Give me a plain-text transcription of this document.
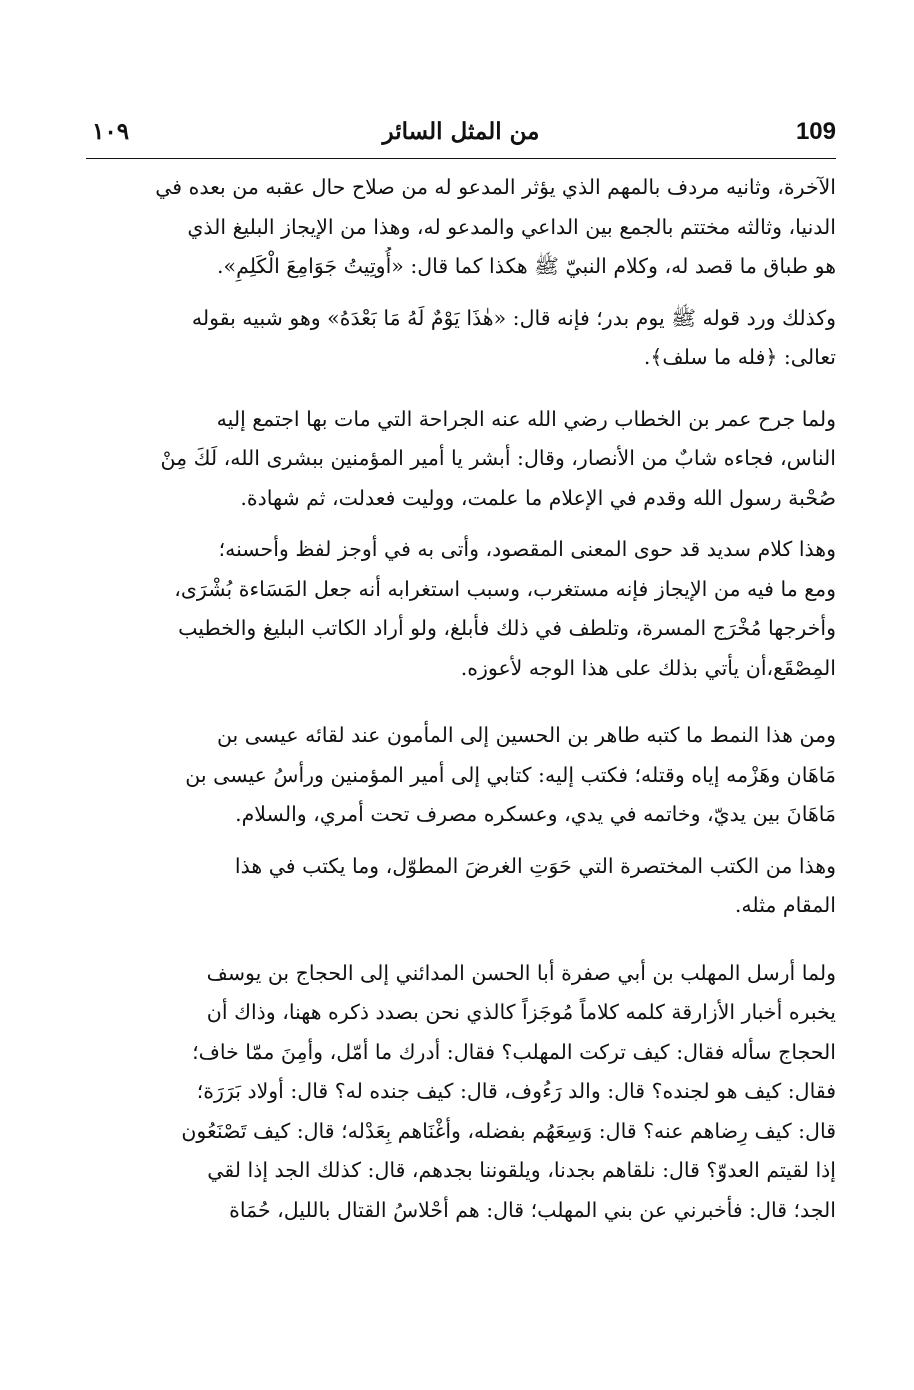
109
من المثل السائر
١٠٩

الآخرة، وثانيه مردف بالمهم الذي يؤثر المدعو له من صلاح حال عقبه من بعده في
الدنيا، وثالثه مختتم بالجمع بين الداعي والمدعو له، وهذا من الإيجاز البليغ الذي
هو طباق ما قصد له، وكلام النبيّ ﷺ هكذا كما قال: «أُوتِيتُ جَوَامِعَ الْكَلِمِ».

وكذلك ورد قوله ﷺ يوم بدر؛ فإنه قال: «هٰذَا يَوْمٌ لَهُ مَا بَعْدَهُ» وهو شبيه بقوله
تعالى: ﴿فله ما سلف﴾.

ولما جرح عمر بن الخطاب رضي الله عنه الجراحة التي مات بها اجتمع إليه
الناس، فجاءه شابٌ من الأنصار، وقال: أبشر يا أمير المؤمنين ببشرى الله، لَكَ مِنْ
صُحْبة رسول الله وقدم في الإعلام ما علمت، ووليت فعدلت، ثم شهادة.

وهذا كلام سديد قد حوى المعنى المقصود، وأتى به في أوجز لفظ وأحسنه؛
ومع ما فيه من الإيجاز فإنه مستغرب، وسبب استغرابه أنه جعل المَسَاءة بُشْرَى،
وأخرجها مُخْرَج المسرة، وتلطف في ذلك فأبلغ، ولو أراد الكاتب البليغ والخطيب
المِصْقَع،أن يأتي بذلك على هذا الوجه لأعوزه.

ومن هذا النمط ما كتبه طاهر بن الحسين إلى المأمون عند لقائه عيسى بن
مَاهَان وهَزْمه إياه وقتله؛ فكتب إليه: كتابي إلى أمير المؤمنين ورأسُ عيسى بن
مَاهَانَ بين يديّ، وخاتمه في يدي، وعسكره مصرف تحت أمري، والسلام.

وهذا من الكتب المختصرة التي حَوَتِ الغرضَ المطوّل، وما يكتب في هذا
المقام مثله.

ولما أرسل المهلب بن أبي صفرة أبا الحسن المدائني إلى الحجاج بن يوسف
يخبره أخبار الأزارقة كلمه كلاماً مُوجَزاً كالذي نحن بصدد ذكره ههنا، وذاك أن
الحجاج سأله فقال: كيف تركت المهلب؟ فقال: أدرك ما أمّل، وأمِنَ ممّا خاف؛
فقال: كيف هو لجنده؟ قال: والد رَءُوف، قال: كيف جنده له؟ قال: أولاد بَرَرَة؛
قال: كيف رِضاهم عنه؟ قال: وَسِعَهُم بفضله، وأغْنَاهم بِعَدْله؛ قال: كيف تَصْنَعُون
إذا لقيتم العدوّ؟ قال: نلقاهم بجدنا، ويلقوننا بجدهم، قال: كذلك الجد إذا لقي
الجد؛ قال: فأخبرني عن بني المهلب؛ قال: هم أحْلاسُ القتال بالليل، حُمَاة
